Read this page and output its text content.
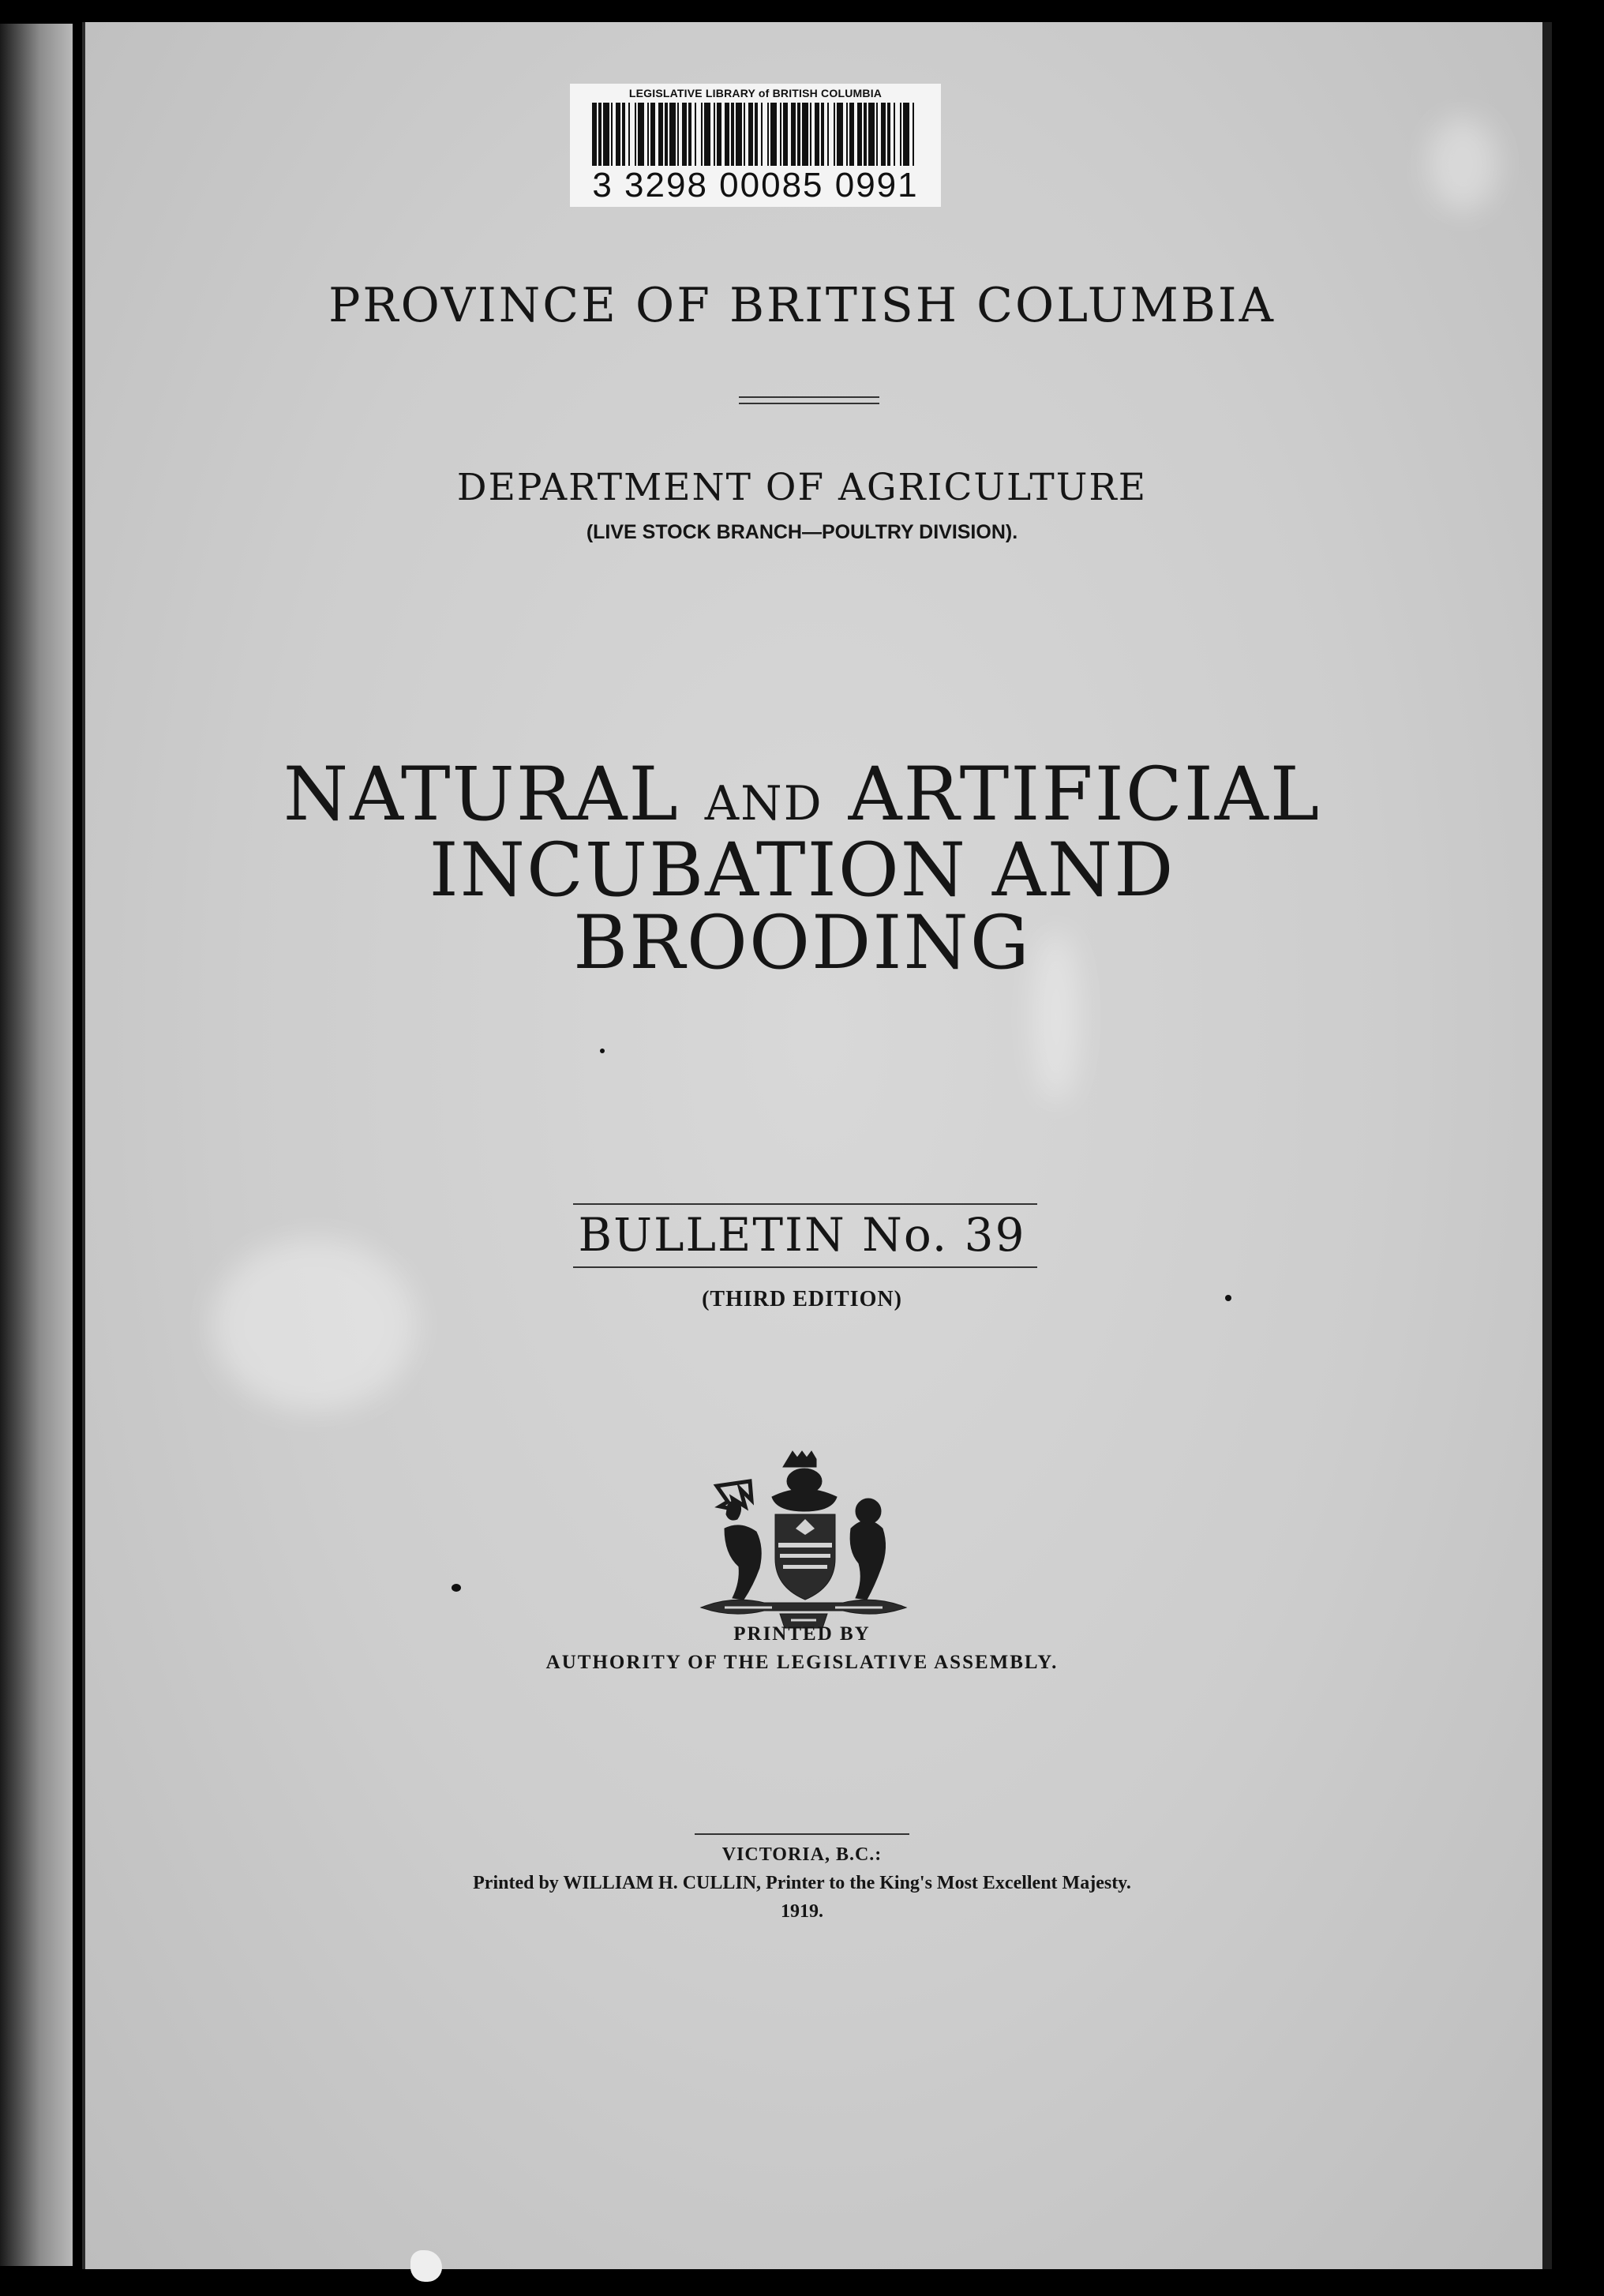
LEGISLATIVE LIBRARY of BRITISH COLUMBIA
3 3298 00085 0991
PROVINCE OF BRITISH COLUMBIA
DEPARTMENT OF AGRICULTURE
(LIVE STOCK BRANCH—POULTRY DIVISION).
NATURAL AND ARTIFICIAL
INCUBATION AND
BROODING
BULLETIN No. 39
(THIRD EDITION)
PRINTED BY
AUTHORITY OF THE LEGISLATIVE ASSEMBLY.
VICTORIA, B.C.:
Printed by WILLIAM H. CULLIN, Printer to the King's Most Excellent Majesty.
1919.
